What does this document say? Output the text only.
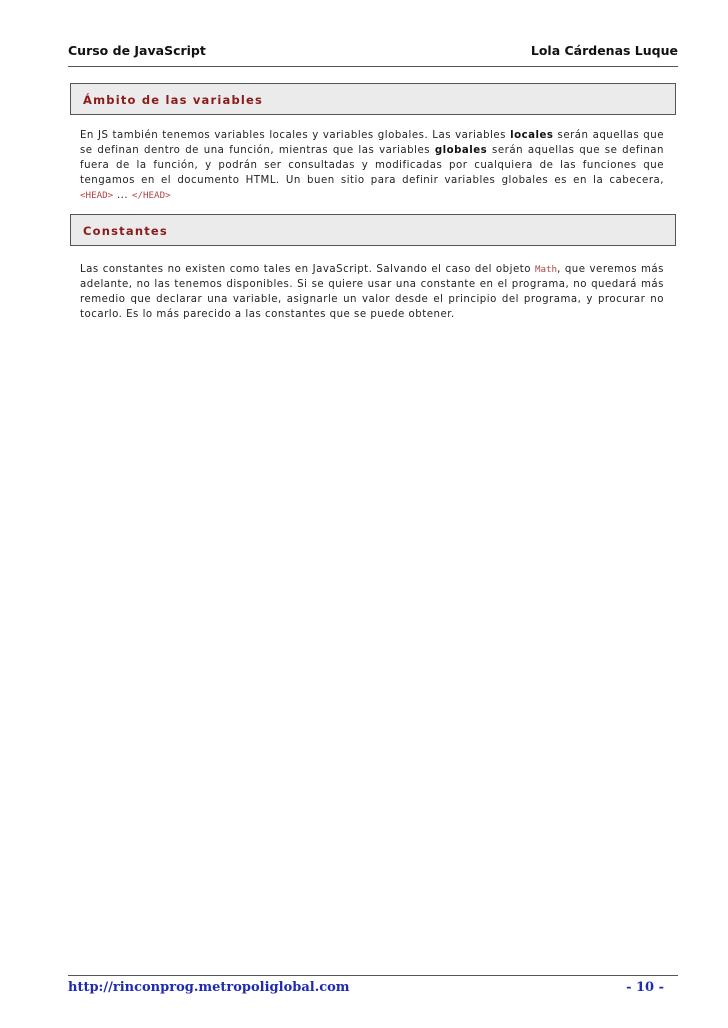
Curso de JavaScript	Lola Cárdenas Luque
Ámbito de las variables
En JS también tenemos variables locales y variables globales. Las variables locales serán aquellas que se definan dentro de una función, mientras que las variables globales serán aquellas que se definan fuera de la función, y podrán ser consultadas y modificadas por cualquiera de las funciones que tengamos en el documento HTML. Un buen sitio para definir variables globales es en la cabecera, <HEAD> ... </HEAD>
Constantes
Las constantes no existen como tales en JavaScript. Salvando el caso del objeto Math, que veremos más adelante, no las tenemos disponibles. Si se quiere usar una constante en el programa, no quedará más remedio que declarar una variable, asignarle un valor desde el principio del programa, y procurar no tocarlo. Es lo más parecido a las constantes que se puede obtener.
http://rinconprog.metropoliglobal.com	- 10 -
